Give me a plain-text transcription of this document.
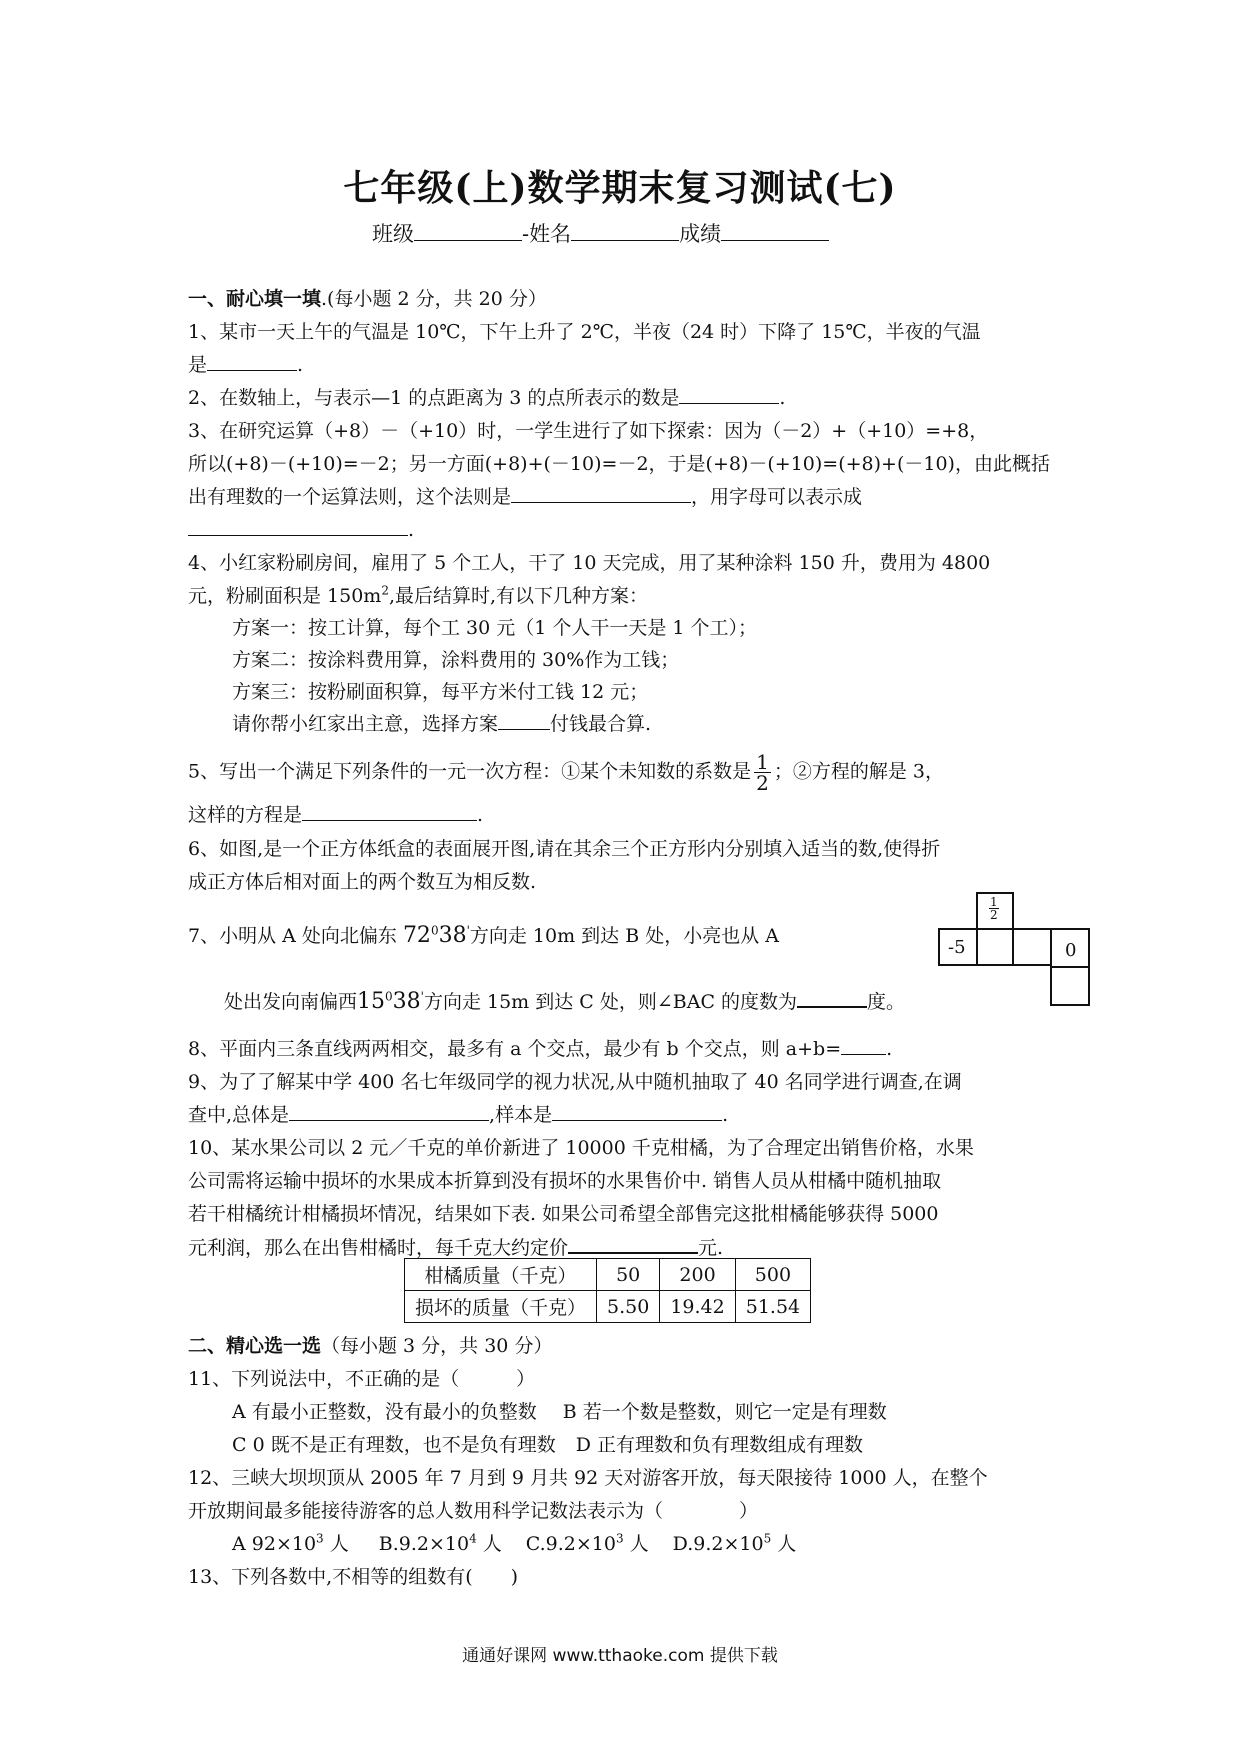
七年级(上)数学期末复习测试(七)
班级	-姓名	成绩
一、耐心填一填.(每小题 2 分，共 20 分）
1、某市一天上午的气温是 10℃，下午上升了 2℃，半夜（24 时）下降了 15℃，半夜的气温
是	.
2、在数轴上，与表示—1 的点距离为 3 的点所表示的数是	.
3、在研究运算（+8）－（+10）时，一学生进行了如下探索：因为（－2）+（+10）=+8，
所以(+8)－(+10)=－2；另一方面(+8)+(－10)=－2，于是(+8)－(+10)=(+8)+(－10)，由此概括
出有理数的一个运算法则，这个法则是	，用字母可以表示成
.
4、小红家粉刷房间，雇用了 5 个工人，干了 10 天完成，用了某种涂料 150 升，费用为 4800
元，粉刷面积是 $150m^2$,最后结算时,有以下几种方案：
方案一：按工计算，每个工 30 元（1 个人干一天是 1 个工）；
方案二：按涂料费用算，涂料费用的 30%作为工钱；
方案三：按粉刷面积算，每平方米付工钱 12 元；
请你帮小红家出主意，选择方案	付钱最合算.
5、写出一个满足下列条件的一元一次方程：①某个未知数的系数是 $\frac{1}{2}$ ；②方程的解是 3，
这样的方程是	.
6、如图,是一个正方体纸盒的表面展开图,请在其余三个正方形内分别填入适当的数,使得折
成正方体后相对面上的两个数互为相反数.
$\frac{1}{2}$
-5	0
7、小明从 A 处向北偏东 $72^038'$方向走 10m 到达 B 处，小亮也从 A
处出发向南偏西$15^038'$方向走 15m 到达 C 处，则∠BAC 的度数为	度。
8、平面内三条直线两两相交，最多有 a 个交点，最少有 b 个交点，则 a+b= .
9、为了了解某中学 400 名七年级同学的视力状况,从中随机抽取了 40 名同学进行调查,在调
查中,总体是	,样本是	.
10、某水果公司以 2 元／千克的单价新进了 10000 千克柑橘，为了合理定出销售价格，水果
公司需将运输中损坏的水果成本折算到没有损坏的水果售价中. 销售人员从柑橘中随机抽取
若干柑橘统计柑橘损坏情况，结果如下表. 如果公司希望全部售完这批柑橘能够获得 5000
元利润，那么在出售柑橘时，每千克大约定价	元.
柑橘质量（千克）	50	200	500
损坏的质量（千克）	5.50	19.42	51.54
二、精心选一选（每小题 3 分，共 30 分）
11、下列说法中，不正确的是（　　　）
A 有最小正整数，没有最小的负整数 B 若一个数是整数，则它一定是有理数
C 0 既不是正有理数，也不是负有理数 D 正有理数和负有理数组成有理数
12、三峡大坝坝顶从 2005 年 7 月到 9 月共 92 天对游客开放，每天限接待 1000 人，在整个
开放期间最多能接待游客的总人数用科学记数法表示为（　　　　）
A $92\times 10^3$ 人 $B.9.2\times 10^4$ 人 $C.9.2\times 10^3$ 人 $D.9.2\times 10^5$ 人
13、下列各数中,不相等的组数有(　　)
通通好课网 www.tthaoke.com 提供下载
